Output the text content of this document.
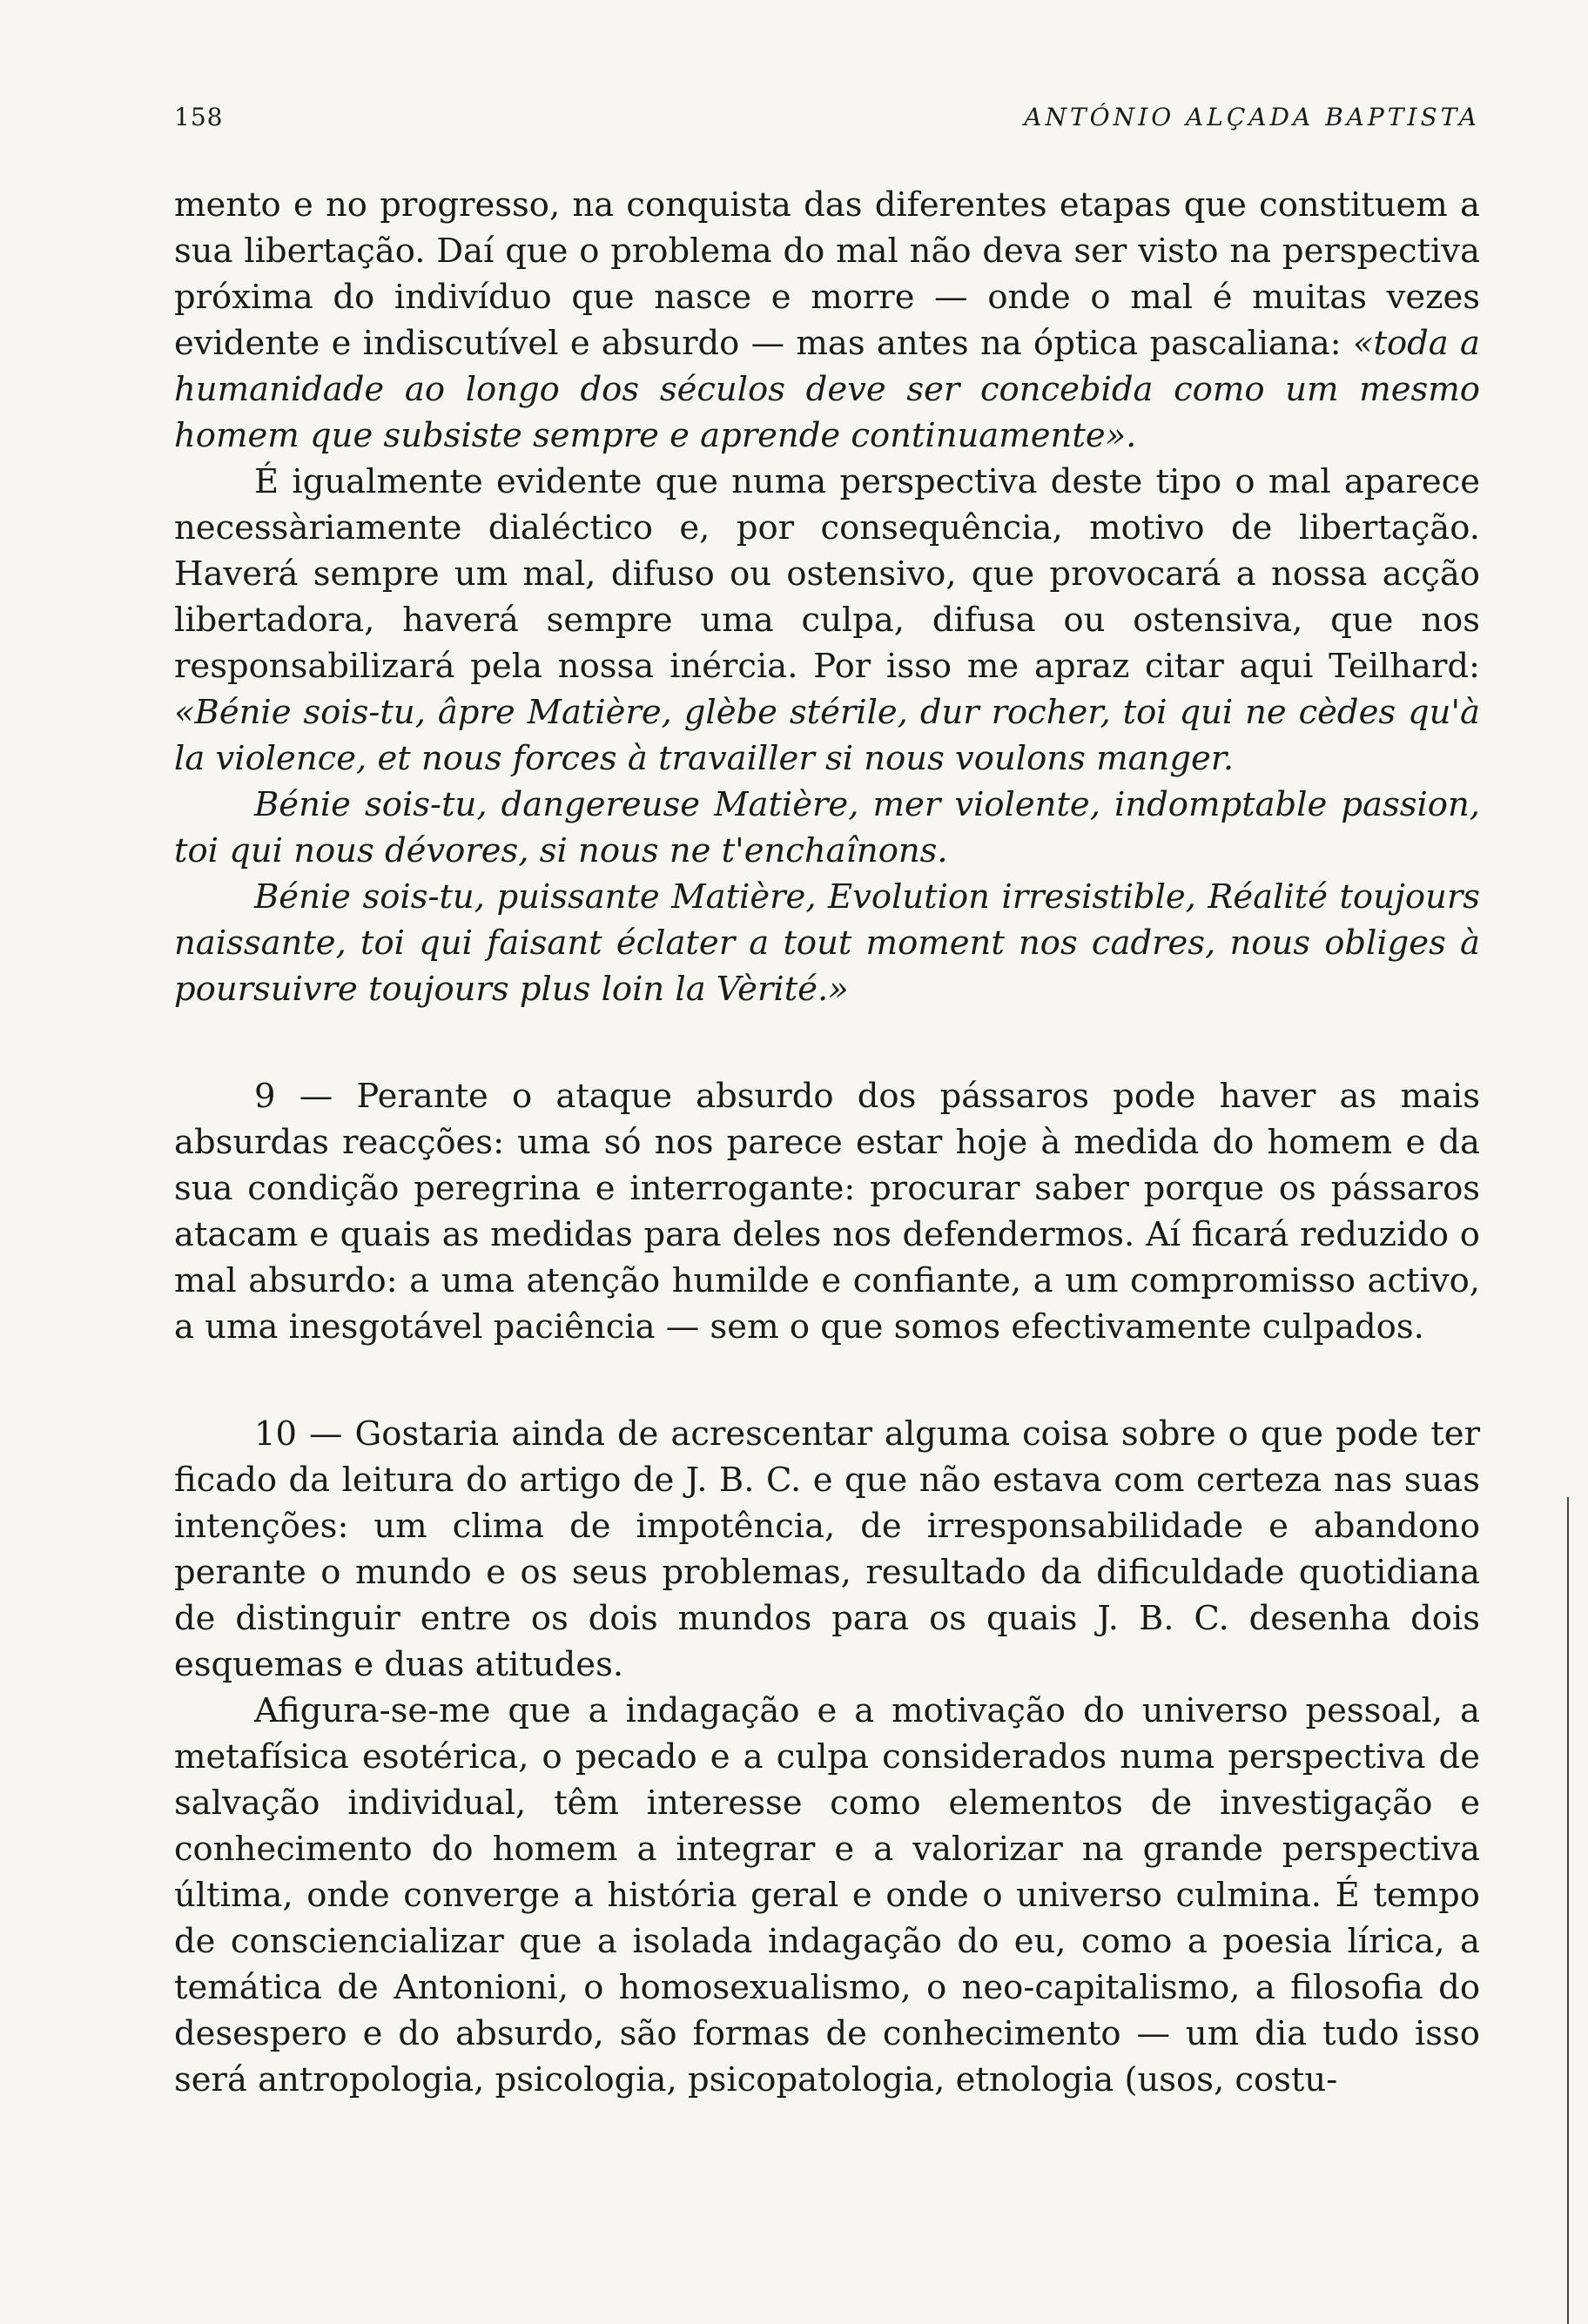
158	ANTÓNIO ALÇADA BAPTISTA

mento e no progresso, na conquista das diferentes etapas que constituem a sua libertação. Daí que o problema do mal não deva ser visto na perspectiva próxima do indivíduo que nasce e morre — onde o mal é muitas vezes evidente e indiscutível e absurdo — mas antes na óptica pascaliana: «toda a humanidade ao longo dos séculos deve ser concebida como um mesmo homem que subsiste sempre e aprende continuamente».

É igualmente evidente que numa perspectiva deste tipo o mal aparece necessàriamente dialéctico e, por consequência, motivo de libertação. Haverá sempre um mal, difuso ou ostensivo, que provocará a nossa acção libertadora, haverá sempre uma culpa, difusa ou ostensiva, que nos responsabilizará pela nossa inércia. Por isso me apraz citar aqui Teilhard: «Bénie sois-tu, âpre Matière, glèbe stérile, dur rocher, toi qui ne cèdes qu'à la violence, et nous forces à travailler si nous voulons manger.

Bénie sois-tu, dangereuse Matière, mer violente, indomptable passion, toi qui nous dévores, si nous ne t'enchaînons.

Bénie sois-tu, puissante Matière, Evolution irresistible, Réalité toujours naissante, toi qui faisant éclater a tout moment nos cadres, nous obliges à poursuivre toujours plus loin la Vèrité.»

9 — Perante o ataque absurdo dos pássaros pode haver as mais absurdas reacções: uma só nos parece estar hoje à medida do homem e da sua condição peregrina e interrogante: procurar saber porque os pássaros atacam e quais as medidas para deles nos defendermos. Aí ficará reduzido o mal absurdo: a uma atenção humilde e confiante, a um compromisso activo, a uma inesgotável paciência — sem o que somos efectivamente culpados.

10 — Gostaria ainda de acrescentar alguma coisa sobre o que pode ter ficado da leitura do artigo de J. B. C. e que não estava com certeza nas suas intenções: um clima de impotência, de irresponsabilidade e abandono perante o mundo e os seus problemas, resultado da dificuldade quotidiana de distinguir entre os dois mundos para os quais J. B. C. desenha dois esquemas e duas atitudes.

Afigura-se-me que a indagação e a motivação do universo pessoal, a metafísica esotérica, o pecado e a culpa considerados numa perspectiva de salvação individual, têm interesse como elementos de investigação e conhecimento do homem a integrar e a valorizar na grande perspectiva última, onde converge a história geral e onde o universo culmina. É tempo de consciencializar que a isolada indagação do eu, como a poesia lírica, a temática de Antonioni, o homosexualismo, o neo-capitalismo, a filosofia do desespero e do absurdo, são formas de conhecimento — um dia tudo isso será antropologia, psicologia, psicopatologia, etnologia (usos, costu-
